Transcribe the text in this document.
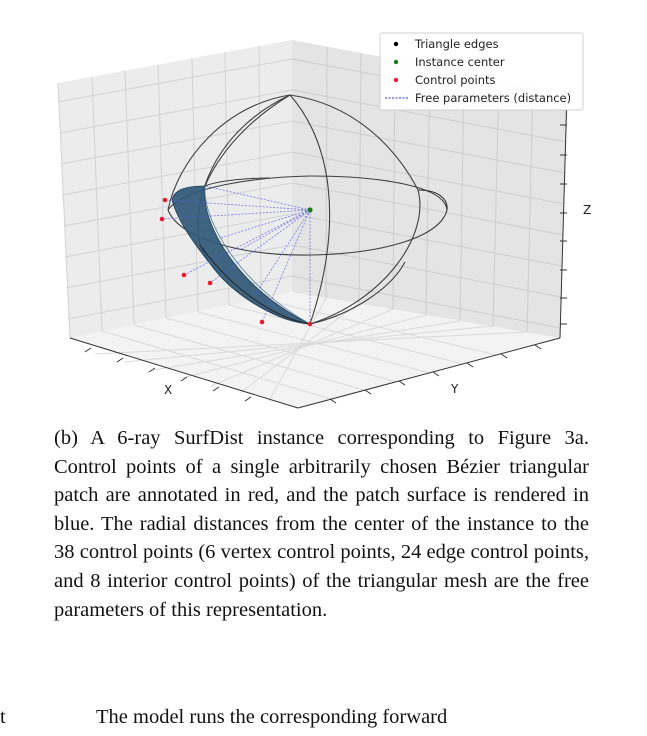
X	Y
Z
Triangle edges
Instance center
Control points
Free parameters (distance)

(b) A 6-ray SurfDist instance corresponding to Figure 3a. Control points of a single arbitrarily chosen Bézier triangular patch are annotated in red, and the patch surface is rendered in blue. The radial distances from the center of the instance to the 38 control points (6 vertex control points, 24 edge control points, and 8 interior control points) of the triangular mesh are the free parameters of this representation.

t	The model runs the corresponding forward
